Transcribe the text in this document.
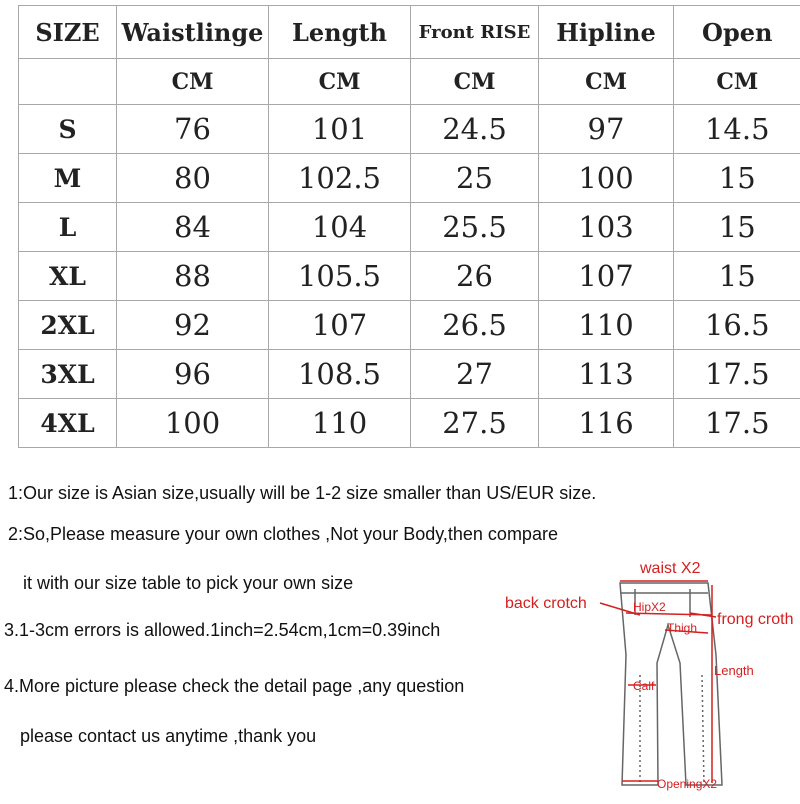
SIZE	Waistlinge	Length	Front RISE	Hipline	Open
	CM	CM	CM	CM	CM
S	76	101	24.5	97	14.5
M	80	102.5	25	100	15
L	84	104	25.5	103	15
XL	88	105.5	26	107	15
2XL	92	107	26.5	110	16.5
3XL	96	108.5	27	113	17.5
4XL	100	110	27.5	116	17.5
1:Our size is Asian size,usually will be 1-2 size smaller than US/EUR size.
2:So,Please measure your own clothes ,Not your Body,then compare
it with our size table to pick your own size
3.1-3cm errors is allowed.1inch=2.54cm,1cm=0.39inch
4.More picture please check the detail page ,any question
please contact us anytime ,thank you
waist X2
back crotch	HipX2
Thigh frong croth
Length
Calf
OpeningX2
